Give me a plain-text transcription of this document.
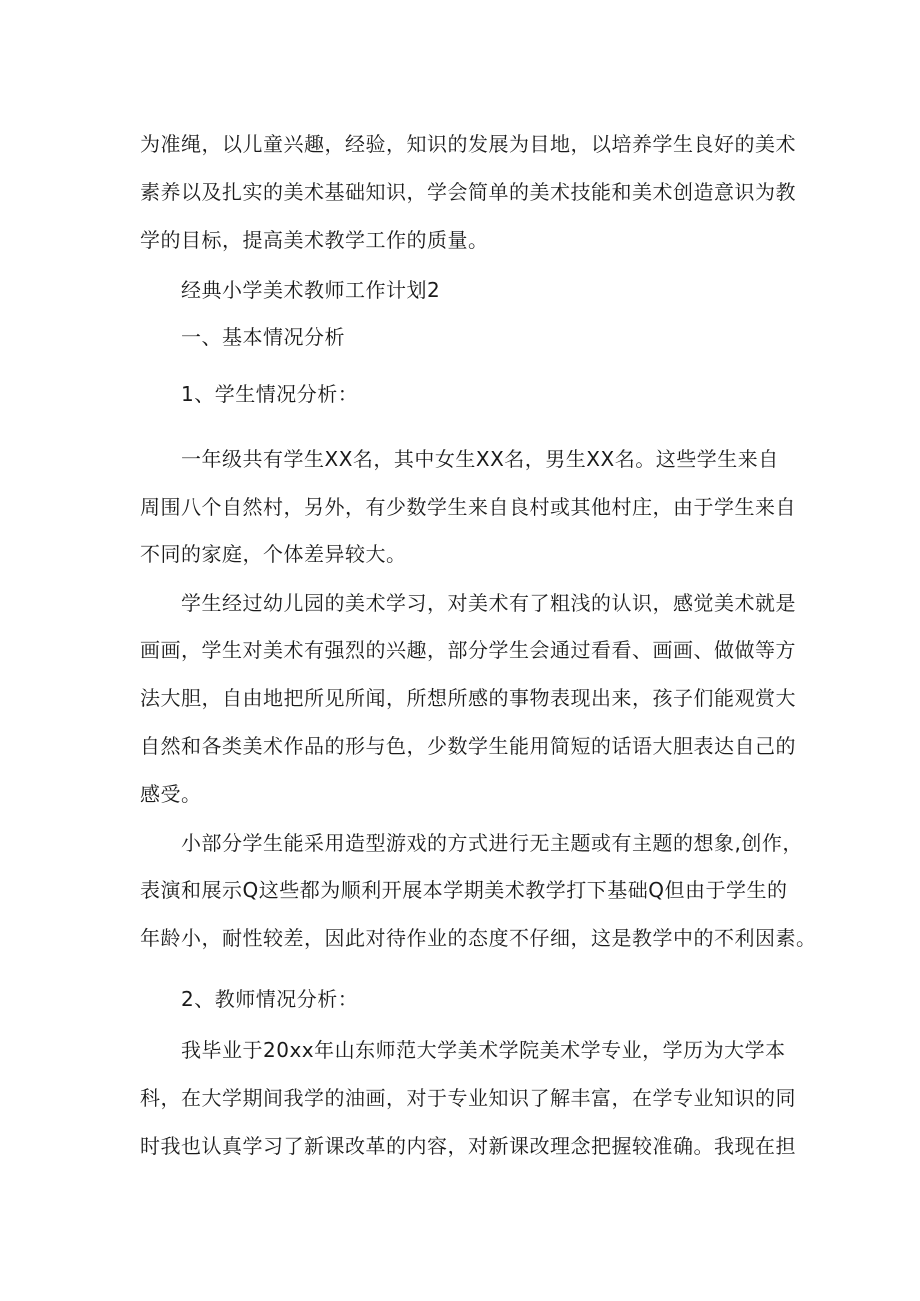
为准绳，以儿童兴趣，经验，知识的发展为目地，以培养学生良好的美术
素养以及扎实的美术基础知识，学会简单的美术技能和美术创造意识为教
学的目标，提高美术教学工作的质量。
经典小学美术教师工作计划2
一、基本情况分析
1、学生情况分析：
一年级共有学生XX名，其中女生XX名，男生XX名。这些学生来自
周围八个自然村，另外，有少数学生来自良村或其他村庄，由于学生来自
不同的家庭，个体差异较大。
学生经过幼儿园的美术学习，对美术有了粗浅的认识，感觉美术就是
画画，学生对美术有强烈的兴趣，部分学生会通过看看、画画、做做等方
法大胆，自由地把所见所闻，所想所感的事物表现出来，孩子们能观赏大
自然和各类美术作品的形与色，少数学生能用简短的话语大胆表达自己的
感受。
小部分学生能采用造型游戏的方式进行无主题或有主题的想象,创作，
表演和展示Q这些都为顺利开展本学期美术教学打下基础Q但由于学生的
年龄小，耐性较差，因此对待作业的态度不仔细，这是教学中的不利因素。
2、教师情况分析：
我毕业于20xx年山东师范大学美术学院美术学专业，学历为大学本
科，在大学期间我学的油画，对于专业知识了解丰富，在学专业知识的同
时我也认真学习了新课改革的内容，对新课改理念把握较准确。我现在担
